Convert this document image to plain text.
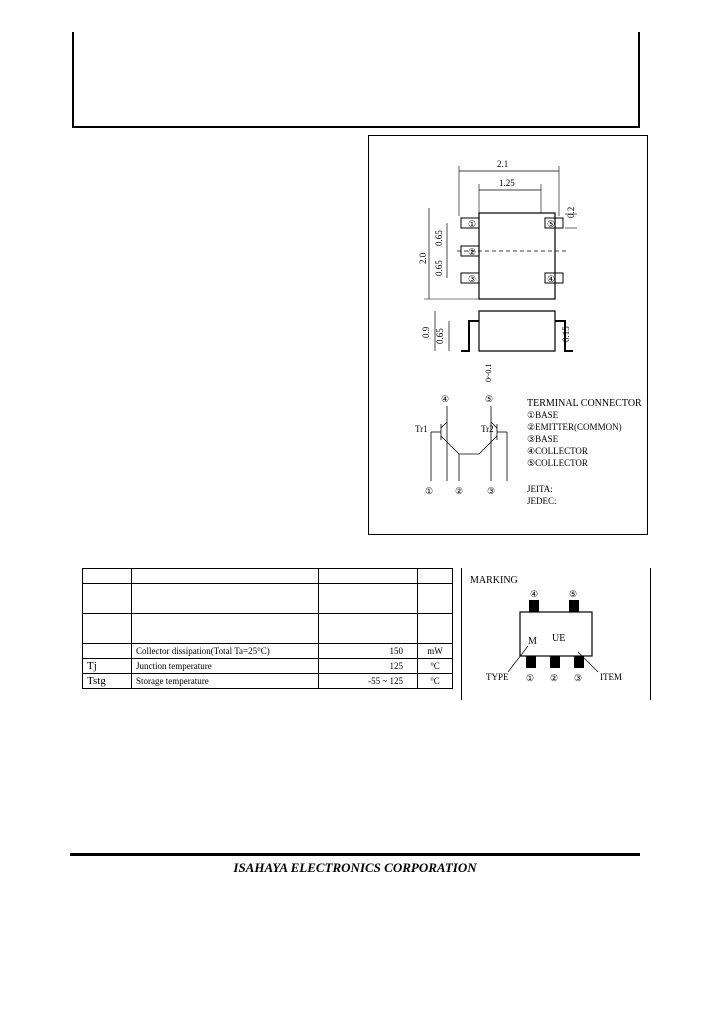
①
②
③
⑤
④
2.1
1.25
2.0
0.65
0.65
0.2
0.9 0.65	0.15
0~0.1
TERMINAL CONNECTOR
①BASE
②EMITTER(COMMON)
③BASE
④COLLECTOR
⑤COLLECTOR
JEITA:
JEDEC:
Tr1	Tr2
④	⑤
① ②	③

	Collector dissipation(Total Ta=25°C)	150	mW
Tj	Junction temperature	125	°C
Tstg	Storage temperature	-55 ~ 125	°C
MARKING
④	⑤
M UE
① ② ③
TYPE	ITEM
ISAHAYA ELECTRONICS CORPORATION
